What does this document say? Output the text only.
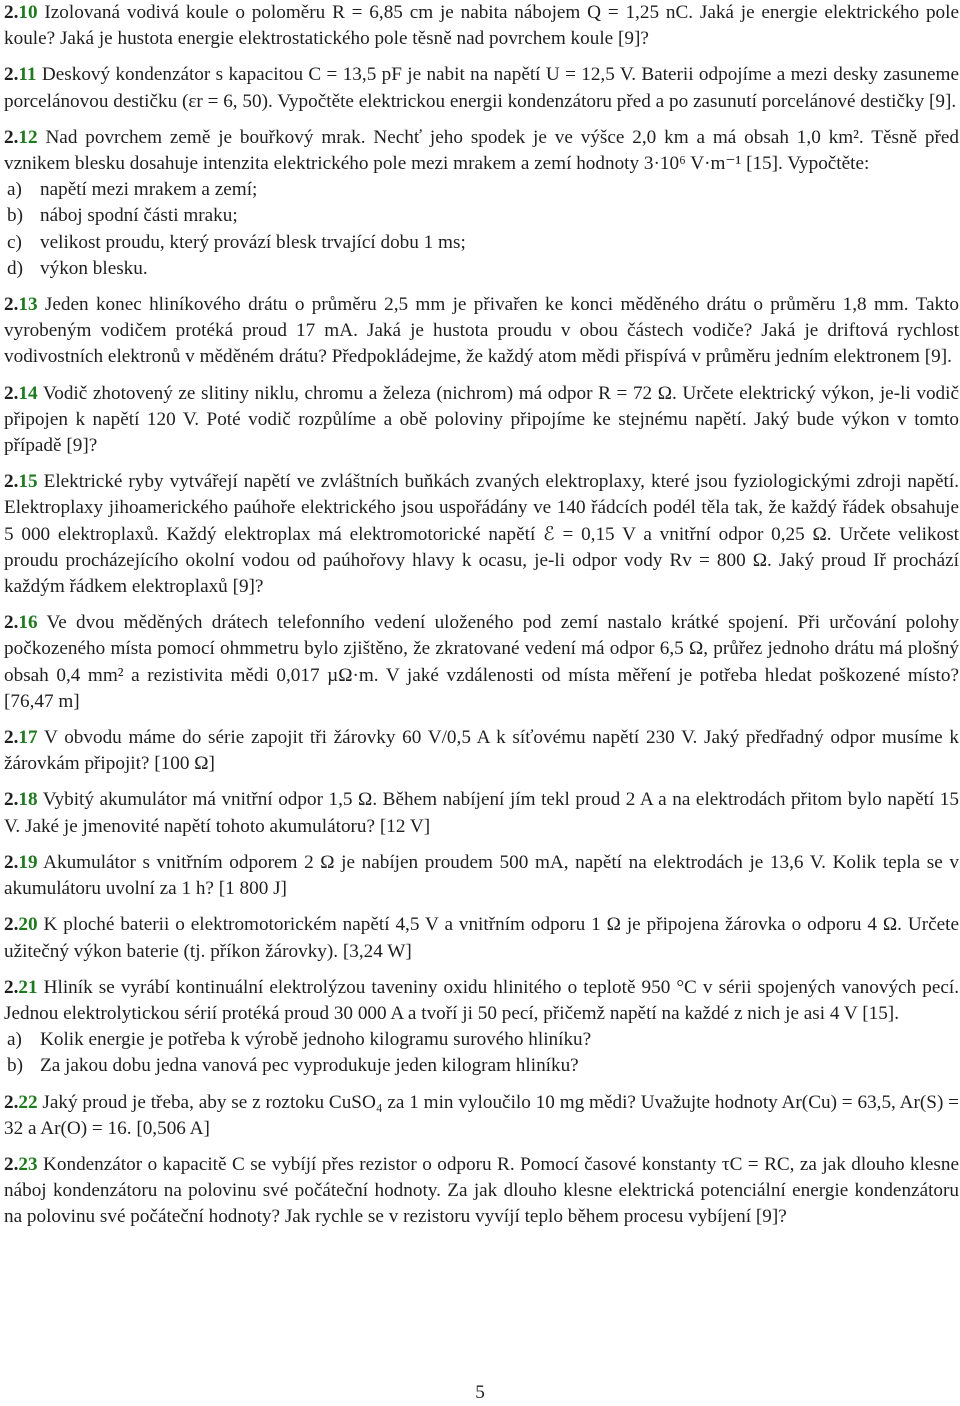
2.10 Izolovaná vodivá koule o poloměru R = 6,85 cm je nabita nábojem Q = 1,25 nC. Jaká je energie elektrického pole koule? Jaká je hustota energie elektrostatického pole těsně nad povrchem koule [9]?
2.11 Deskový kondenzátor s kapacitou C = 13,5 pF je nabit na napětí U = 12,5 V. Baterii odpojíme a mezi desky zasuneme porcelánovou destičku (εr = 6, 50). Vypočtěte elektrickou energii kondenzátoru před a po zasunutí porcelánové destičky [9].
2.12 Nad povrchem země je bouřkový mrak. Nechť jeho spodek je ve výšce 2,0 km a má obsah 1,0 km². Těsně před vznikem blesku dosahuje intenzita elektrického pole mezi mrakem a zemí hodnoty 3·10⁶ V·m⁻¹ [15]. Vypočtěte:
a) napětí mezi mrakem a zemí;
b) náboj spodní části mraku;
c) velikost proudu, který provází blesk trvající dobu 1 ms;
d) výkon blesku.
2.13 Jeden konec hliníkového drátu o průměru 2,5 mm je přivařen ke konci měděného drátu o průměru 1,8 mm. Takto vyrobeným vodičem protéká proud 17 mA. Jaká je hustota proudu v obou částech vodiče? Jaká je driftová rychlost vodivostních elektronů v měděném drátu? Předpokládejme, že každý atom mědi přispívá v průměru jedním elektronem [9].
2.14 Vodič zhotovený ze slitiny niklu, chromu a železa (nichrom) má odpor R = 72 Ω. Určete elektrický výkon, je-li vodič připojen k napětí 120 V. Poté vodič rozpůlíme a obě poloviny připojíme ke stejnému napětí. Jaký bude výkon v tomto případě [9]?
2.15 Elektrické ryby vytvářejí napětí ve zvláštních buňkách zvaných elektroplaxy, které jsou fyziologickými zdroji napětí. Elektroplaxy jihoamerického paúhoře elektrického jsou uspořádány ve 140 řádcích podél těla tak, že každý řádek obsahuje 5 000 elektroplaxů. Každý elektroplax má elektromotorické napětí ℰ = 0,15 V a vnitřní odpor 0,25 Ω. Určete velikost proudu procházejícího okolní vodou od paúhořovy hlavy k ocasu, je-li odpor vody Rv = 800 Ω. Jaký proud Iř prochází každým řádkem elektroplaxů [9]?
2.16 Ve dvou měděných drátech telefonního vedení uloženého pod zemí nastalo krátké spojení. Při určování polohy počkozeného místa pomocí ohmmetru bylo zjištěno, že zkratované vedení má odpor 6,5 Ω, průřez jednoho drátu má plošný obsah 0,4 mm² a rezistivita mědi 0,017 µΩ·m. V jaké vzdálenosti od místa měření je potřeba hledat poškozené místo? [76,47 m]
2.17 V obvodu máme do série zapojit tři žárovky 60 V/0,5 A k síťovému napětí 230 V. Jaký předřadný odpor musíme k žárovkám připojit? [100 Ω]
2.18 Vybitý akumulátor má vnitřní odpor 1,5 Ω. Během nabíjení jím tekl proud 2 A a na elektrodách přitom bylo napětí 15 V. Jaké je jmenovité napětí tohoto akumulátoru? [12 V]
2.19 Akumulátor s vnitřním odporem 2 Ω je nabíjen proudem 500 mA, napětí na elektrodách je 13,6 V. Kolik tepla se v akumulátoru uvolní za 1 h? [1 800 J]
2.20 K ploché baterii o elektromotorickém napětí 4,5 V a vnitřním odporu 1 Ω je připojena žárovka o odporu 4 Ω. Určete užitečný výkon baterie (tj. příkon žárovky). [3,24 W]
2.21 Hliník se vyrábí kontinuální elektrolýzou taveniny oxidu hlinitého o teplotě 950 °C v sérii spojených vanových pecí. Jednou elektrolytickou sérií protéká proud 30 000 A a tvoří ji 50 pecí, přičemž napětí na každé z nich je asi 4 V [15].
a) Kolik energie je potřeba k výrobě jednoho kilogramu surového hliníku?
b) Za jakou dobu jedna vanová pec vyprodukuje jeden kilogram hliníku?
2.22 Jaký proud je třeba, aby se z roztoku CuSO₄ za 1 min vyloučilo 10 mg mědi? Uvažujte hodnoty Ar(Cu) = 63,5, Ar(S) = 32 a Ar(O) = 16. [0,506 A]
2.23 Kondenzátor o kapacitě C se vybíjí přes rezistor o odporu R. Pomocí časové konstanty τC = RC, za jak dlouho klesne náboj kondenzátoru na polovinu své počáteční hodnoty. Za jak dlouho klesne elektrická potenciální energie kondenzátoru na polovinu své počáteční hodnoty? Jak rychle se v rezistoru vyvíjí teplo během procesu vybíjení [9]?
5
